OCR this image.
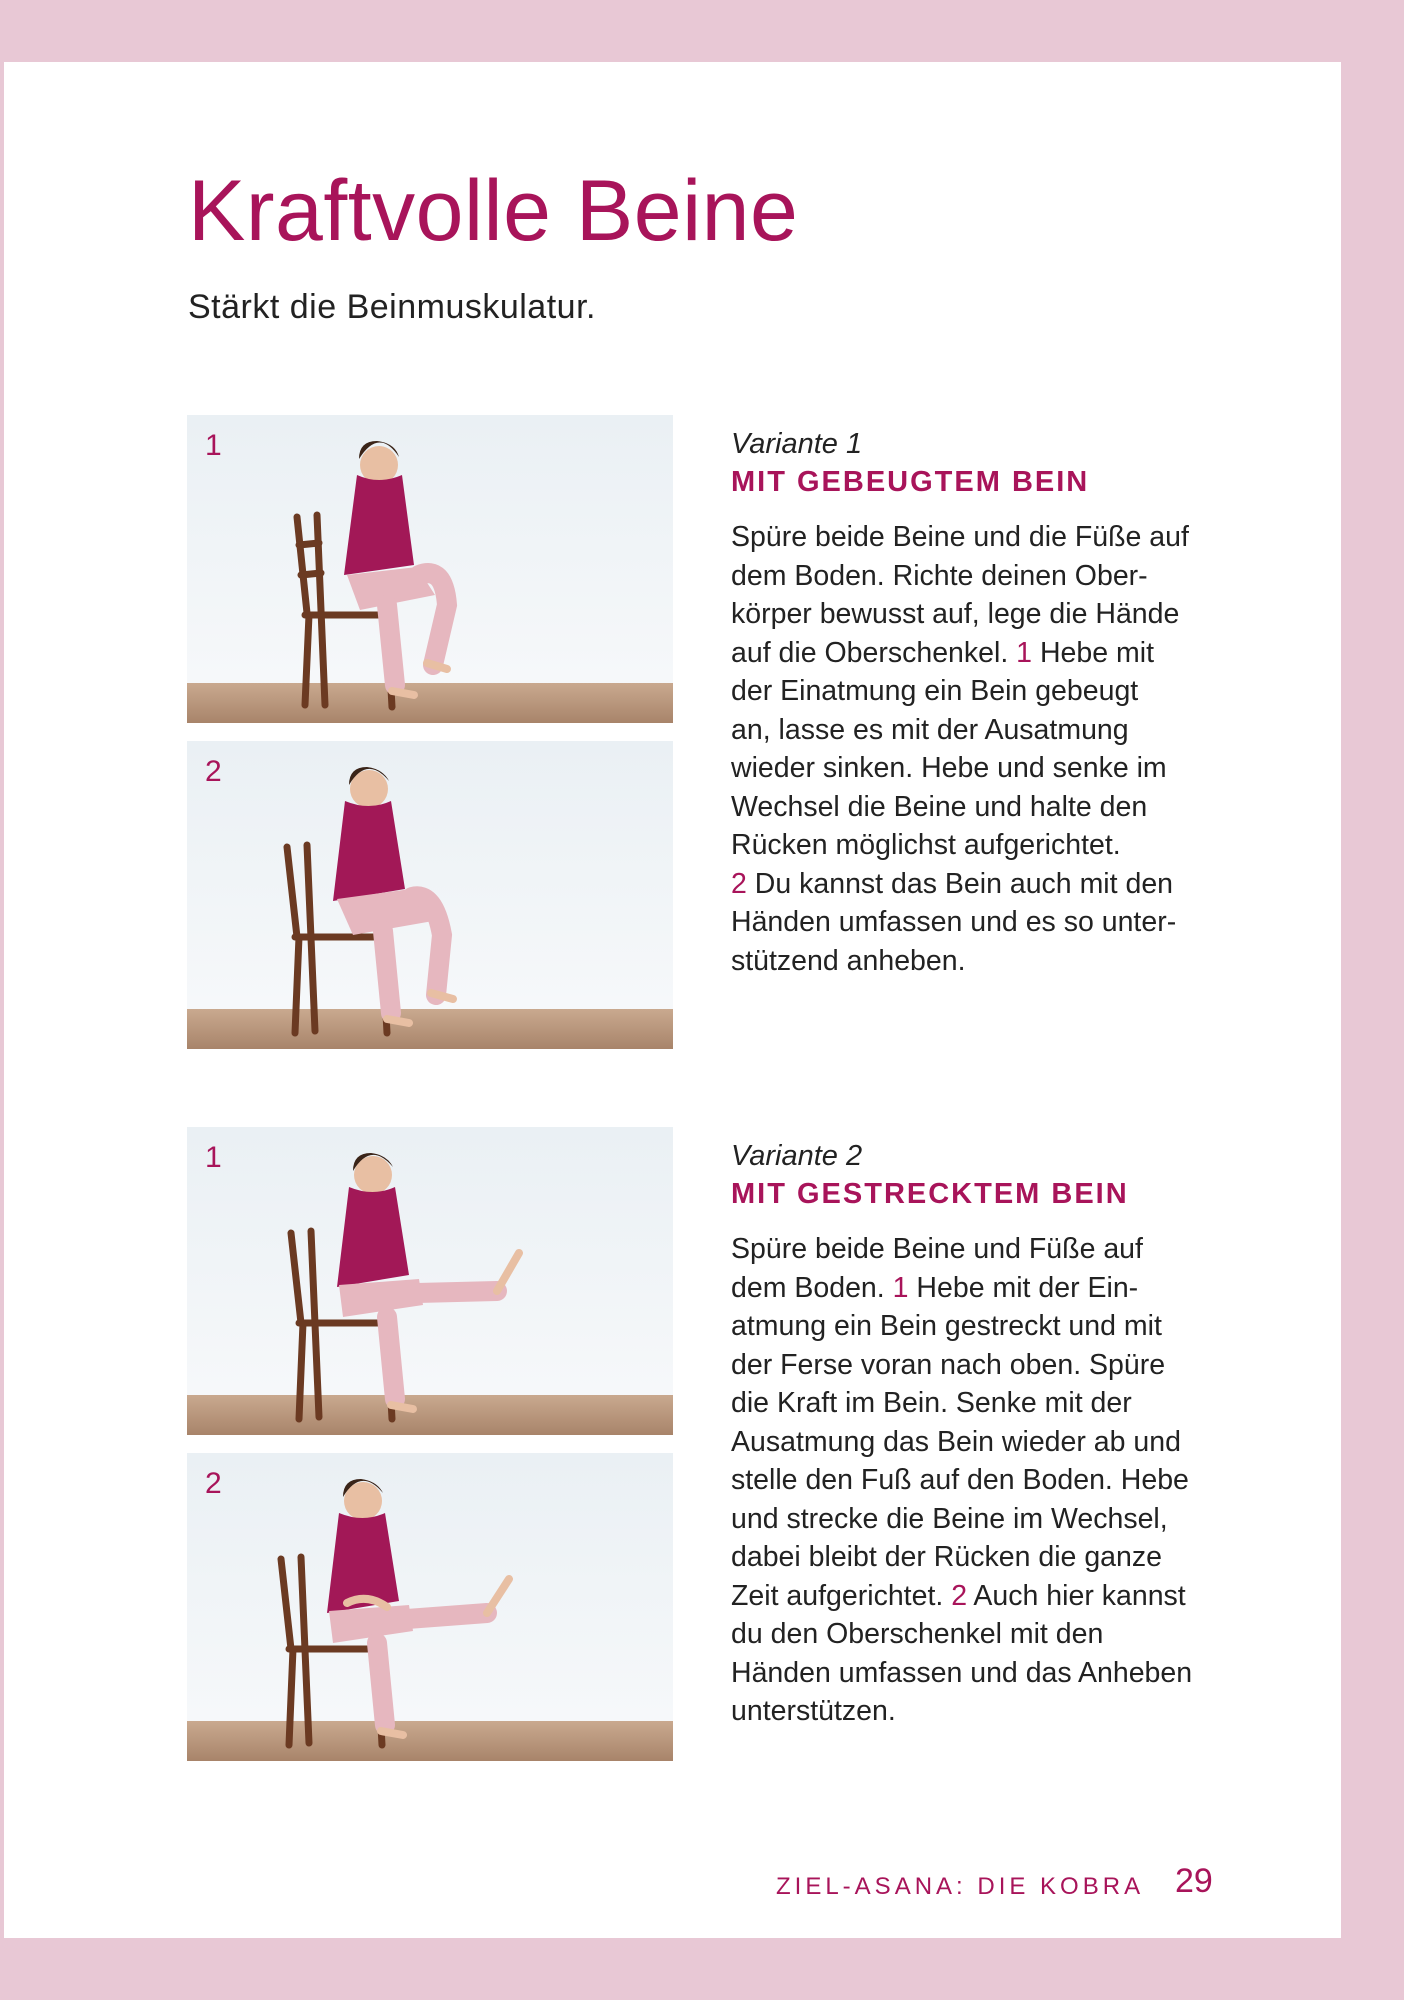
Kraftvolle Beine

Stärkt die Beinmuskulatur.

1
2
1
2

Variante 1

MIT GEBEUGTEM BEIN

Spüre beide Beine und die Füße auf
dem Boden. Richte deinen Ober-
körper bewusst auf, lege die Hände
auf die Oberschenkel. 1 Hebe mit
der Einatmung ein Bein gebeugt
an, lasse es mit der Ausatmung
wieder sinken. Hebe und senke im
Wechsel die Beine und halte den
Rücken möglichst aufgerichtet.
2 Du kannst das Bein auch mit den
Händen umfassen und es so unter-
stützend anheben.

Variante 2

MIT GESTRECKTEM BEIN

Spüre beide Beine und Füße auf
dem Boden. 1 Hebe mit der Ein-
atmung ein Bein gestreckt und mit
der Ferse voran nach oben. Spüre
die Kraft im Bein. Senke mit der
Ausatmung das Bein wieder ab und
stelle den Fuß auf den Boden. Hebe
und strecke die Beine im Wechsel,
dabei bleibt der Rücken die ganze
Zeit aufgerichtet. 2 Auch hier kannst
du den Oberschenkel mit den
Händen umfassen und das Anheben
unterstützen.

ZIEL-ASANA: DIE KOBRA 29
